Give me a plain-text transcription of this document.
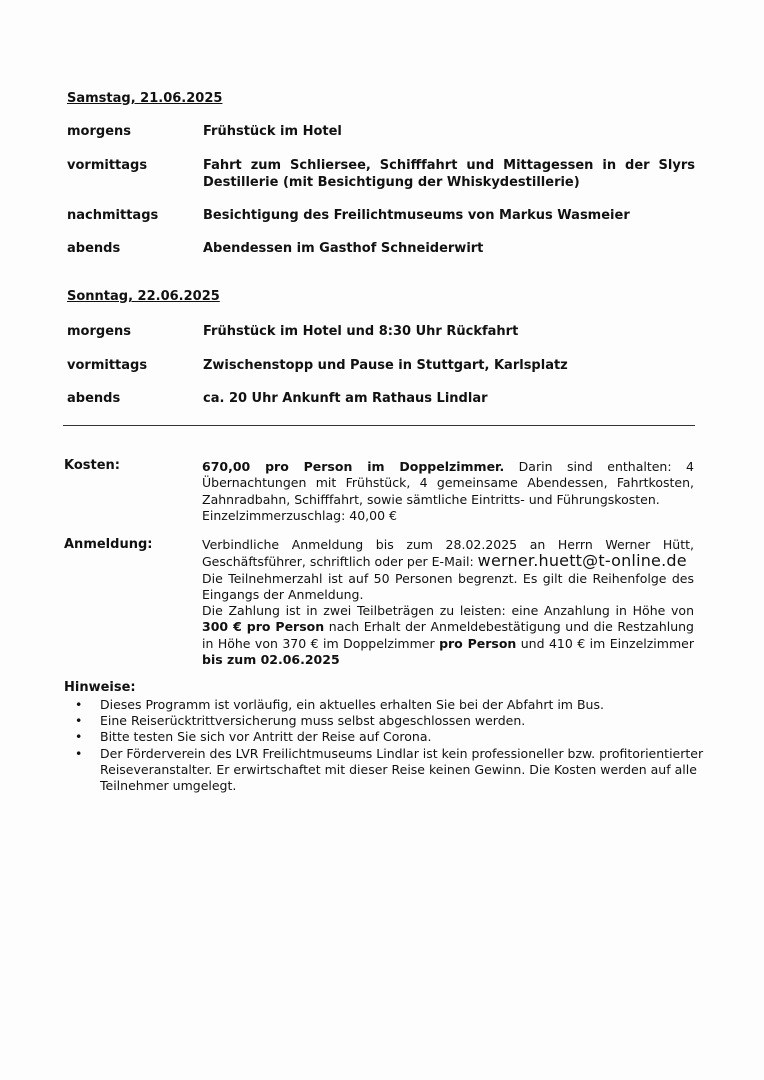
Samstag, 21.06.2025
morgens	Frühstück im Hotel
vormittags	Fahrt zum Schliersee, Schifffahrt und Mittagessen in der Slyrs Destillerie (mit Besichtigung der Whiskydestillerie)
nachmittags	Besichtigung des Freilichtmuseums von Markus Wasmeier
abends	Abendessen im Gasthof Schneiderwirt
Sonntag, 22.06.2025
morgens	Frühstück im Hotel und 8:30 Uhr Rückfahrt
vormittags	Zwischenstopp und Pause in Stuttgart, Karlsplatz
abends	ca. 20 Uhr Ankunft am Rathaus Lindlar
Kosten:	670,00 pro Person im Doppelzimmer. Darin sind enthalten: 4 Übernachtungen mit Frühstück, 4 gemeinsame Abendessen, Fahrtkosten, Zahnradbahn, Schifffahrt, sowie sämtliche Eintritts- und Führungskosten.
Einzelzimmerzuschlag: 40,00 €
Anmeldung:	Verbindliche Anmeldung bis zum 28.02.2025 an Herrn Werner Hütt, Geschäftsführer, schriftlich oder per E-Mail: werner.huett@t-online.de
Die Teilnehmerzahl ist auf 50 Personen begrenzt. Es gilt die Reihenfolge des Eingangs der Anmeldung.
Die Zahlung ist in zwei Teilbeträgen zu leisten: eine Anzahlung in Höhe von 300 € pro Person nach Erhalt der Anmeldebestätigung und die Restzahlung in Höhe von 370 € im Doppelzimmer pro Person und 410 € im Einzelzimmer bis zum 02.06.2025
Hinweise:
• Dieses Programm ist vorläufig, ein aktuelles erhalten Sie bei der Abfahrt im Bus.
• Eine Reiserücktrittversicherung muss selbst abgeschlossen werden.
• Bitte testen Sie sich vor Antritt der Reise auf Corona.
• Der Förderverein des LVR Freilichtmuseums Lindlar ist kein professioneller bzw. profitorientierter Reiseveranstalter. Er erwirtschaftet mit dieser Reise keinen Gewinn. Die Kosten werden auf alle Teilnehmer umgelegt.
